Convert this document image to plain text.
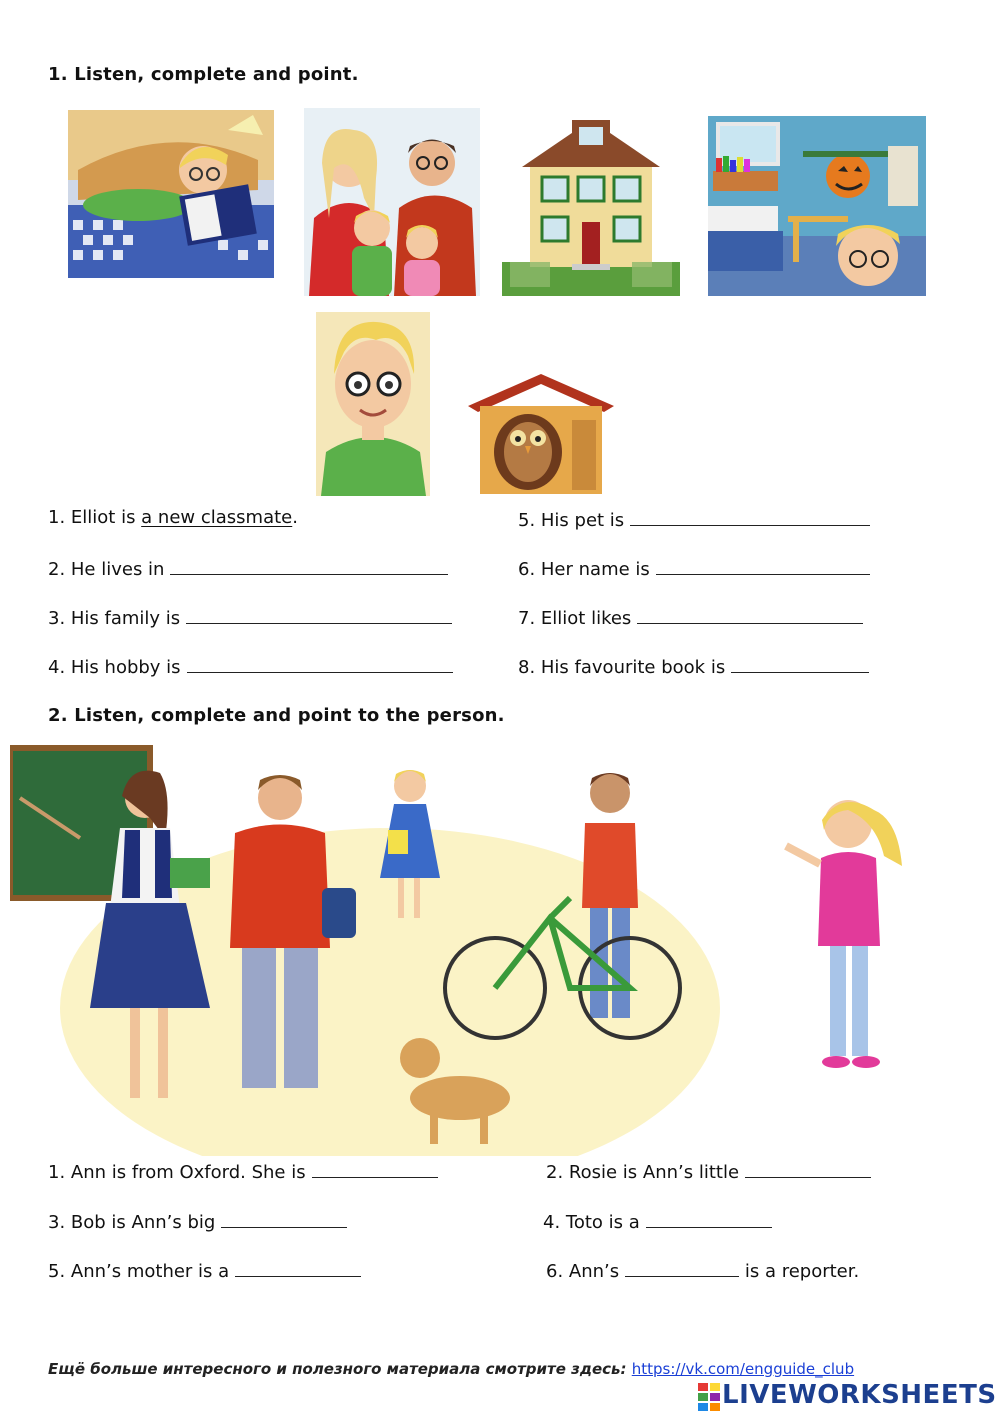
1. Listen, complete and point.
1. Elliot is a new classmate.
2. He lives in
3. His family is
4. His hobby is
5. His pet is
6. Her name is
7. Elliot likes
8. His favourite book is
2. Listen, complete and point to the person.
1. Ann is from Oxford. She is	2. Rosie is Ann’s little
3. Bob is Ann’s big	4. Toto is a
5. Ann’s mother is a	6. Ann’s	is a reporter.
Ещё больше интересного и полезного материала смотрите здесь: https://vk.com/engguide_club
LIVEWORKSHEETS
